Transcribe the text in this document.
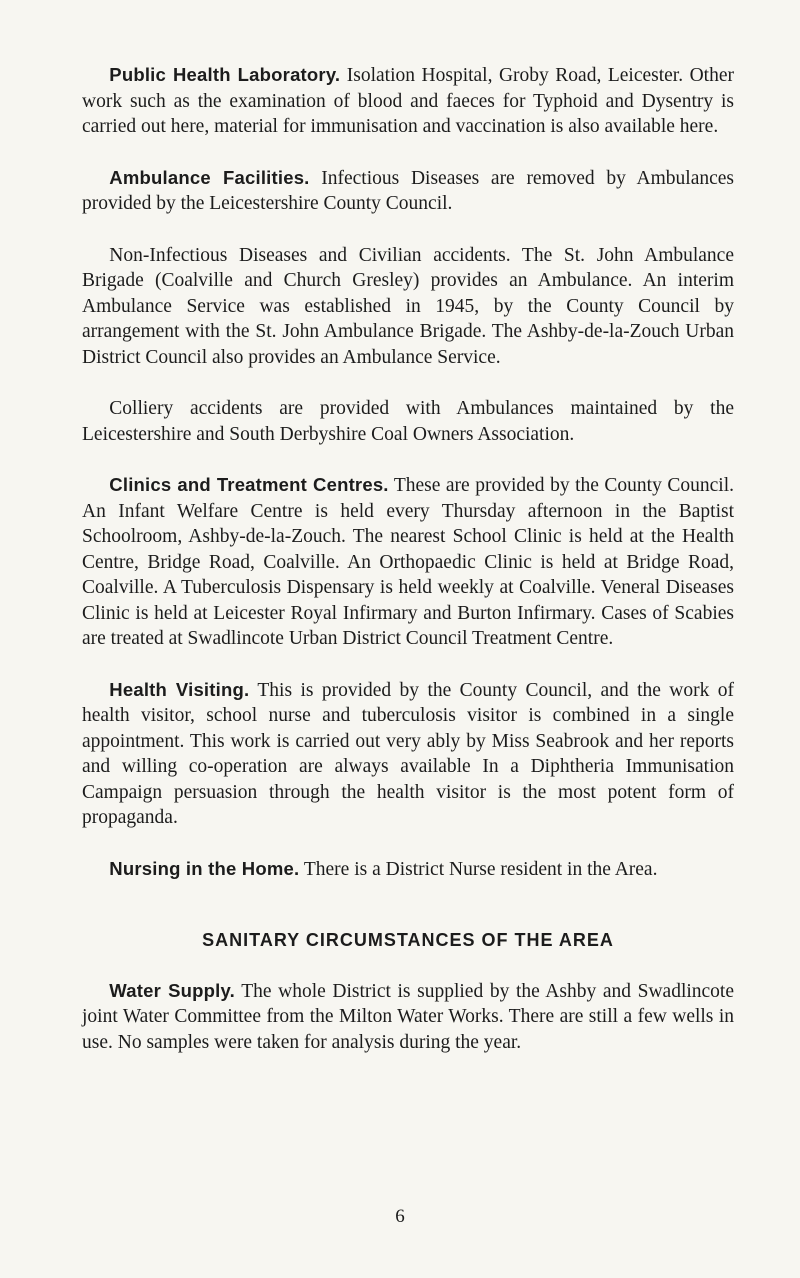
Public Health Laboratory. Isolation Hospital, Groby Road, Leicester. Other work such as the examination of blood and faeces for Typhoid and Dysentry is carried out here, material for immunisation and vaccination is also available here.

Ambulance Facilities. Infectious Diseases are removed by Ambulances provided by the Leicestershire County Council.

Non-Infectious Diseases and Civilian accidents. The St. John Ambulance Brigade (Coalville and Church Gresley) provides an Ambulance. An interim Ambulance Service was established in 1945, by the County Council by arrangement with the St. John Ambulance Brigade. The Ashby-de-la-Zouch Urban District Council also provides an Ambulance Service.

Colliery accidents are provided with Ambulances maintained by the Leicestershire and South Derbyshire Coal Owners Association.

Clinics and Treatment Centres. These are provided by the County Council. An Infant Welfare Centre is held every Thursday afternoon in the Baptist Schoolroom, Ashby-de-la-Zouch. The nearest School Clinic is held at the Health Centre, Bridge Road, Coalville. An Orthopaedic Clinic is held at Bridge Road, Coalville. A Tuberculosis Dispensary is held weekly at Coalville. Veneral Diseases Clinic is held at Leicester Royal Infirmary and Burton Infirmary. Cases of Scabies are treated at Swadlincote Urban District Council Treatment Centre.

Health Visiting. This is provided by the County Council, and the work of health visitor, school nurse and tuberculosis visitor is combined in a single appointment. This work is carried out very ably by Miss Seabrook and her reports and willing co-operation are always available In a Diphtheria Immunisation Campaign persuasion through the health visitor is the most potent form of propaganda.

Nursing in the Home. There is a District Nurse resident in the Area.

SANITARY CIRCUMSTANCES OF THE AREA

Water Supply. The whole District is supplied by the Ashby and Swadlincote joint Water Committee from the Milton Water Works. There are still a few wells in use. No samples were taken for analysis during the year.

6
